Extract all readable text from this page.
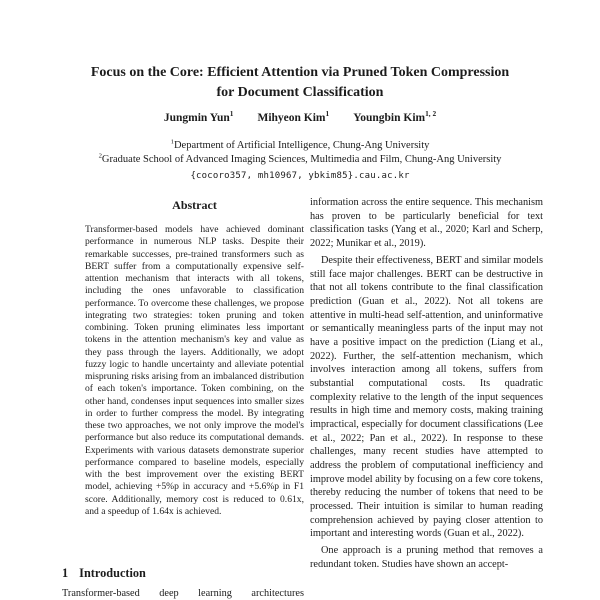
Focus on the Core: Efficient Attention via Pruned Token Compression
for Document Classification
Jungmin Yun$^1$ Mihyeon Kim$^1$ Youngbin Kim$^{1, 2}$
$^1$Department of Artificial Intelligence, Chung-Ang University
$^2$Graduate School of Advanced Imaging Sciences, Multimedia and Film, Chung-Ang University
{cocoro357, mh10967, ybkim85}.cau.ac.kr
Abstract

Transformer-based models have achieved dominant performance in numerous NLP tasks. Despite their remarkable successes, pre-trained transformers such as BERT suffer from a computationally expensive self-attention mechanism that interacts with all tokens, including the ones unfavorable to classification performance. To overcome these challenges, we propose integrating two strategies: token pruning and token combining. Token pruning eliminates less important tokens in the attention mechanism's key and value as they pass through the layers. Additionally, we adopt fuzzy logic to handle uncertainty and alleviate potential mispruning risks arising from an imbalanced distribution of each token's importance. Token combining, on the other hand, condenses input sequences into smaller sizes in order to further compress the model. By integrating these two approaches, we not only improve the model's performance but also reduce its computational demands. Experiments with various datasets demonstrate superior performance compared to baseline models, especially with the best improvement over the existing BERT model, achieving +5%p in accuracy and +5.6%p in F1 score. Additionally, memory cost is reduced to 0.61x, and a speedup of 1.64x is achieved.

1 Introduction

Transformer-based deep learning architectures

information across the entire sequence. This mechanism has proven to be particularly beneficial for text classification tasks (Yang et al., 2020; Karl and Scherp, 2022; Munikar et al., 2019).

Despite their effectiveness, BERT and similar models still face major challenges. BERT can be destructive in that not all tokens contribute to the final classification prediction (Guan et al., 2022). Not all tokens are attentive in multi-head self-attention, and uninformative or semantically meaningless parts of the input may not have a positive impact on the prediction (Liang et al., 2022). Further, the self-attention mechanism, which involves interaction among all tokens, suffers from substantial computational costs. Its quadratic complexity relative to the length of the input sequences results in high time and memory costs, making training impractical, especially for document classifications (Lee et al., 2022; Pan et al., 2022). In response to these challenges, many recent studies have attempted to address the problem of computational inefficiency and improve model ability by focusing on a few core tokens, thereby reducing the number of tokens that need to be processed. Their intuition is similar to human reading comprehension achieved by paying closer attention to important and interesting words (Guan et al., 2022).

One approach is a pruning method that removes a redundant token. Studies have shown an accept-
